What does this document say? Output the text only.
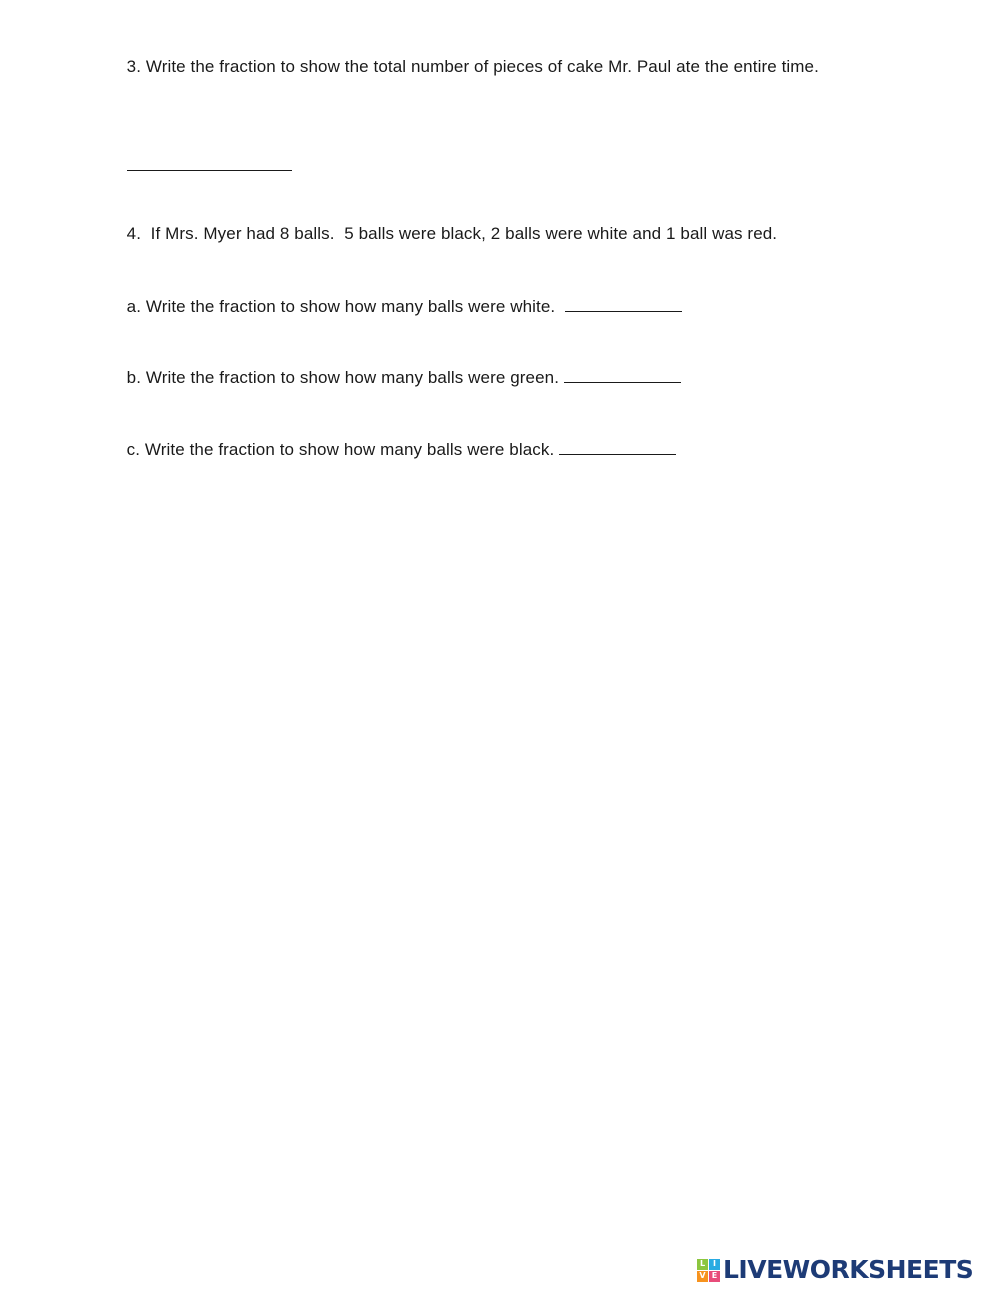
3. Write the fraction to show the total number of pieces of cake Mr. Paul ate the entire time.

4.  If Mrs. Myer had 8 balls.  5 balls were black, 2 balls were white and 1 ball was red.

a. Write the fraction to show how many balls were white.

b. Write the fraction to show how many balls were green.

c. Write the fraction to show how many balls were black.

L I
V E LIVEWORKSHEETS
